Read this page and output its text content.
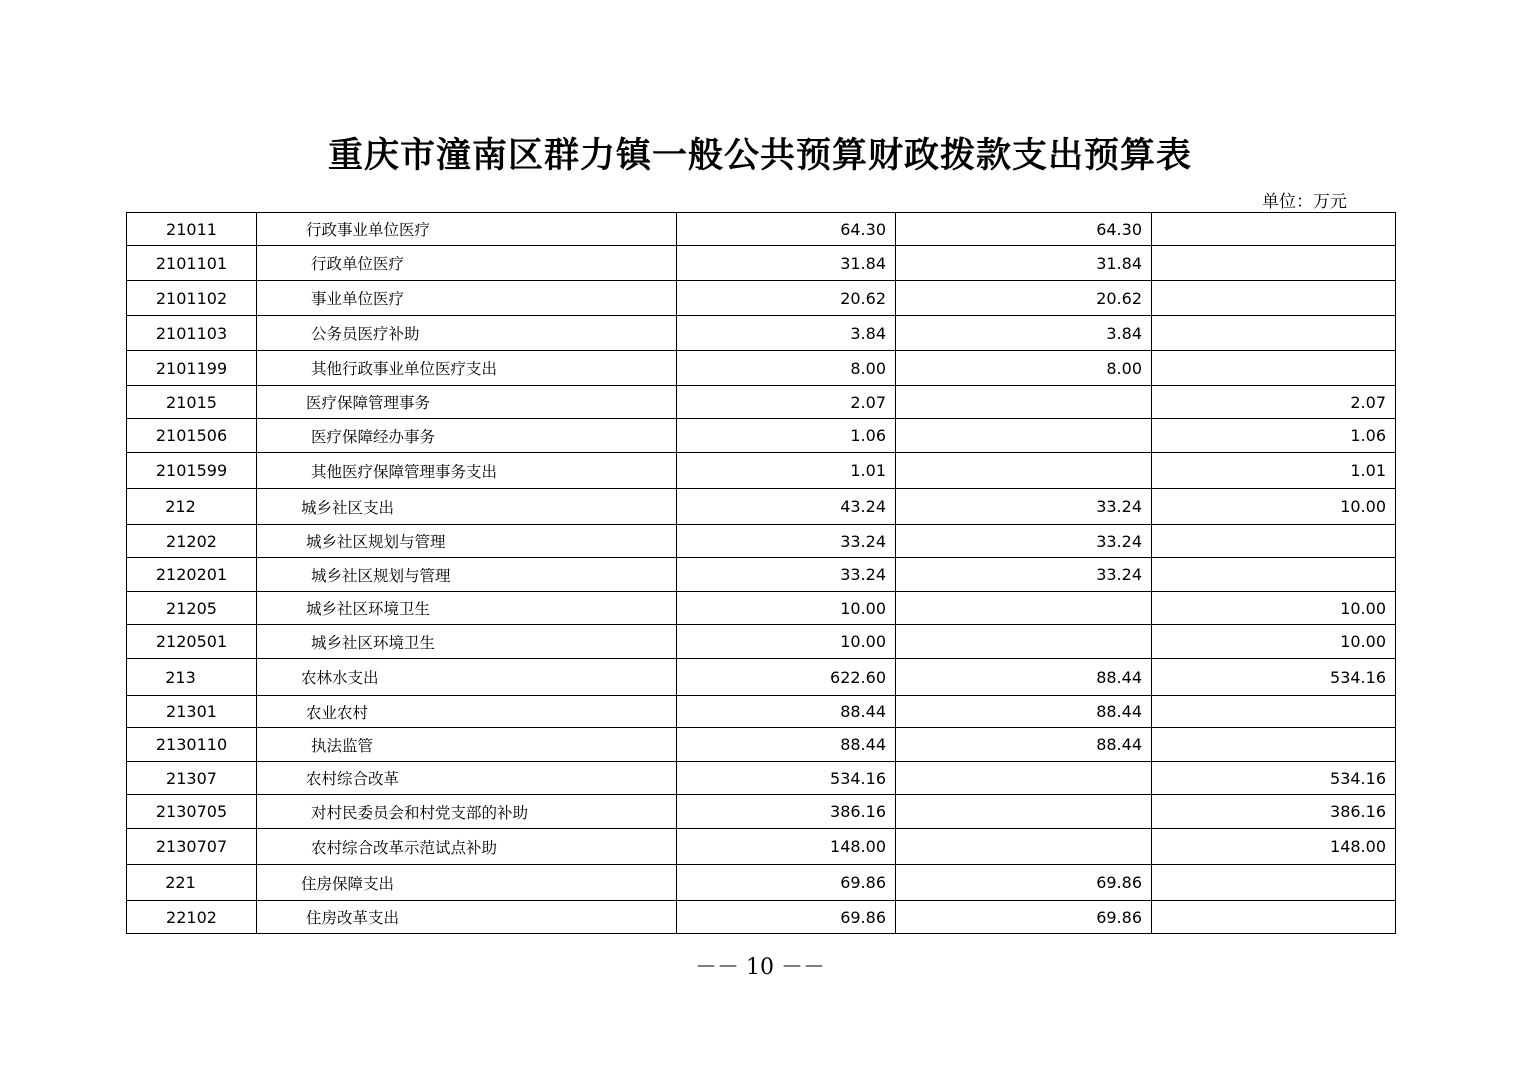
重庆市潼南区群力镇一般公共预算财政拨款支出预算表
单位：万元
21011	行政事业单位医疗	64.30	64.30	
2101101	行政单位医疗	31.84	31.84	
2101102	事业单位医疗	20.62	20.62	
2101103	公务员医疗补助	3.84	3.84	
2101199	其他行政事业单位医疗支出	8.00	8.00	
21015	医疗保障管理事务	2.07		2.07
2101506	医疗保障经办事务	1.06		1.06
2101599	其他医疗保障管理事务支出	1.01		1.01
212	城乡社区支出	43.24	33.24	10.00
21202	城乡社区规划与管理	33.24	33.24	
2120201	城乡社区规划与管理	33.24	33.24	
21205	城乡社区环境卫生	10.00		10.00
2120501	城乡社区环境卫生	10.00		10.00
213	农林水支出	622.60	88.44	534.16
21301	农业农村	88.44	88.44	
2130110	执法监管	88.44	88.44	
21307	农村综合改革	534.16		534.16
2130705	对村民委员会和村党支部的补助	386.16		386.16
2130707	农村综合改革示范试点补助	148.00		148.00
221	住房保障支出	69.86	69.86	
22102	住房改革支出	69.86	69.86	
－－ 10 －－
